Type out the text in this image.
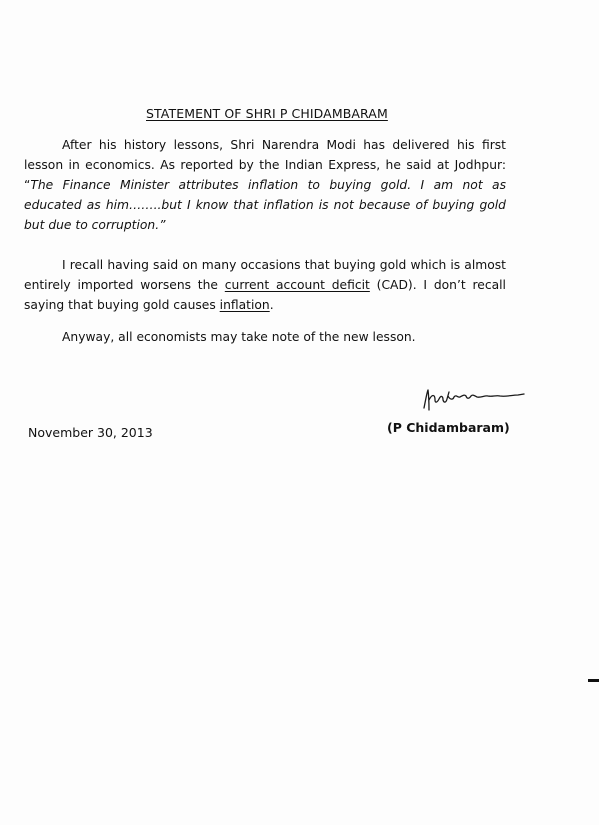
STATEMENT OF SHRI P CHIDAMBARAM

After his history lessons, Shri Narendra Modi has delivered his first lesson in economics. As reported by the Indian Express, he said at Jodhpur: “The Finance Minister attributes inflation to buying gold. I am not as educated as him……..but I know that inflation is not because of buying gold but due to corruption.”

I recall having said on many occasions that buying gold which is almost entirely imported worsens the current account deficit (CAD). I don’t recall saying that buying gold causes inflation.

Anyway, all economists may take note of the new lesson.

November 30, 2013	(P Chidambaram)
